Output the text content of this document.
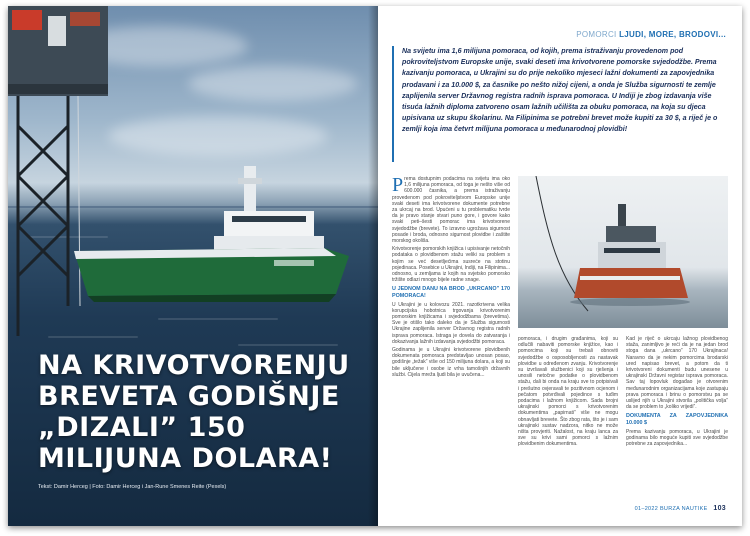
NA KRIVOTVORENJU
BREVETA GODIŠNJE
„DIZALI” 150
MILIJUNA DOLARA!
Tekst: Damir Herceg | Foto: Damir Herceg i Jan-Rune Smenes Reite (Pexels)
POMORCI LJUDI, MORE, BRODOVI...

Na svijetu ima 1,6 milijuna pomoraca, od kojih, prema istraživanju provedenom pod pokroviteljstvom Europske unije, svaki deseti ima krivotvorene pomorske svjedodžbe. Prema kazivanju pomoraca, u Ukrajini su do prije nekoliko mjeseci lažni dokumenti za zapovjednika prodavani i za 10.000 $, za časnike po nešto nižoj cijeni, a onda je Služba sigurnosti te zemlje zaplijenila server Državnog registra radnih isprava pomoraca. U Indiji je zbog izdavanja više tisuća lažnih diploma zatvoreno osam lažnih učilišta za obuku pomoraca, na koja su djeca upisivana uz skupu školarinu. Na Filipinima se potrebni brevet može kupiti za 30 $, a riječ je o zemlji koja ima četvrt milijuna pomoraca u međunarodnoj plovidbi!

Prema dostupnim podacima na svijetu ima oko 1,6 milijuna pomoraca, od toga je nešto više od 600.000 časnika, a prema istraživanju provedenom pod pokroviteljstvom Europske unije svaki deseti ima krivotvorene dokumente potrebne za ukrcaj na brod. Upućeni u tu problematiku tvrde da je pravo stanje stvari puno gore, i govore kako svaki peti–šesti pomorac ima krivotvorene svjedodžbe (brevete). To izravno ugrožava sigurnost posade i broda, odnosno sigurnost plovidbe i zaštite morskog okoliša.

Krivotvorenje pomorskih knjižica i upisivanje netočnih podataka o plovidbenom stažu veliki su problem s kojim se već desetljećima susreće na stotinu pojedinaca. Posebice u Ukrajini, Indiji, na Filipinima... odnosno, u zemljama iz kojih na svjetsko pomorsko tržište odlazi mnogo bijele radne snage.

U JEDNOM DANU NA BROD „UKRCANO” 170 POMORACA!

U Ukrajini je u kolovozu 2021. razotkrivena velika korupcijska hobotnica trgovanja krivotvorenim pomorskim knjižicama i svjedodžbama (brevetima). Sve je otišlo tako daleko da je Služba sigurnosti Ukrajine zaplijenila server Državnog registra radnih isprava pomoraca. Istraga je dovela do zatvaranja i dokazivanja lažnih izdavanja svjedodžbi pomoraca.

Godinama je u Ukrajini krivotvorene plovidbenih dokumenata pomoraca predstavljao unosan posao, godišnje „težak” više od 150 milijuna dolara, a koji su bile uključene i osobe iz vrha tamošnjih državnih službi. Cijela mreža ljudi bila je uvučena...

pomoraca, i drugim građanima, koji su odlučili nabaviti pomorske knjižice, kao i pomorcima koji su trebali obnoviti svjedodžbe o osposobljenosti za nastavak plovidbe u određenom zvanju. Krivotvorenje su izvršavali službenici koji su rješenja i unosili netočne podatke o plovidbenom stažu, dali bi onda na kraju sve to potpisivali i prešutno ovjeravali te pozitivnom ocjenom i pečatom potvrđivali pojedince s tuđim podacima i lažnom knjižicom. Sada brojni ukrajinski pomorci s krivotvorenim dokumentima „papirnati” više ne mogu obnavljati brevete. Što zbog rata, što je i sam ukrajinski sustav nadzora, nitko ne može ništa provjeriti. Nažalost, na kraju lanca za sve su krivi sami pomorci s lažnim plovidbenim dokumentima.

Kad je riječ o ukrcaju lažnog plovidbenog staža, zanimljivo je reći da je na jedan brod stoga dana „ukrcano” 170 Ukrajinaca! Naravno da je nekim pomorcima brodarski ured napisao brevet, a potom da ti krivotvoreni dokumenti budu unesene u ukrajinski Državni registar isprava pomoraca. Sav taj lopovluk događao je otvorenim međunarodnim organizacijama koje zastupaju prava pomoraca i brinu o pomorstvu pa se uslijed njih u Ukrajini stvorila „politička volja” da se problem to „koliko vrijedi”.

DOKUMENTA ZA ZAPOVJEDNIKA 10.000 $

Prema kazivanju pomoraca, u Ukrajini je godinama bilo moguće kupiti sve svjedodžbe potrebne za zapovjednika...

01–2022 BURZA NAUTIKE 103
